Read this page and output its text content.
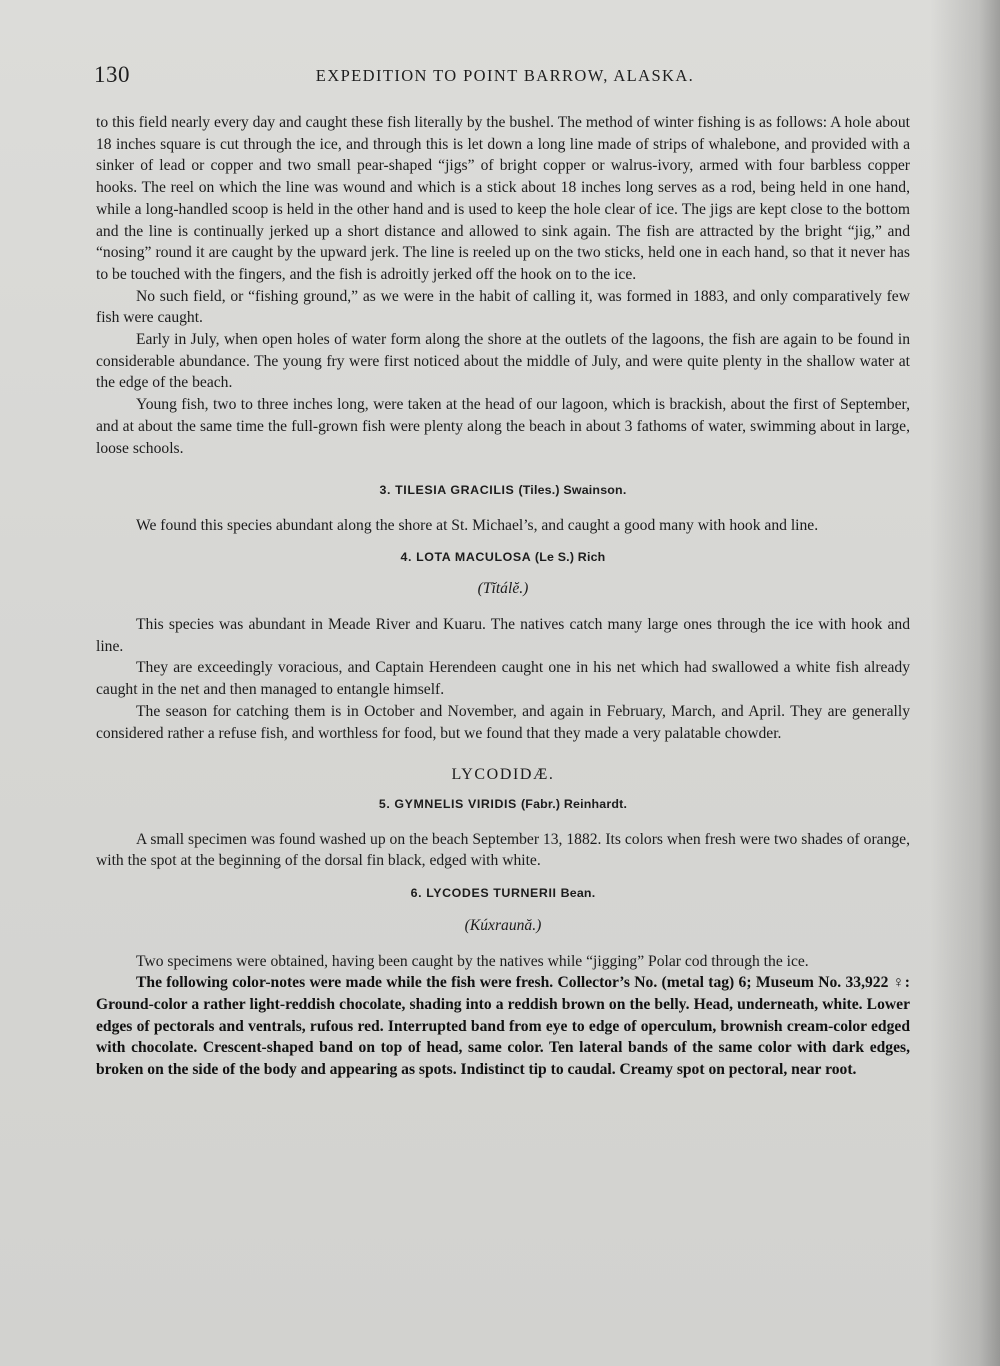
130	EXPEDITION TO POINT BARROW, ALASKA.

to this field nearly every day and caught these fish literally by the bushel. The method of winter fishing is as follows: A hole about 18 inches square is cut through the ice, and through this is let down a long line made of strips of whalebone, and provided with a sinker of lead or copper and two small pear-shaped “jigs” of bright copper or walrus-ivory, armed with four barbless copper hooks. The reel on which the line was wound and which is a stick about 18 inches long serves as a rod, being held in one hand, while a long-handled scoop is held in the other hand and is used to keep the hole clear of ice. The jigs are kept close to the bottom and the line is continually jerked up a short distance and allowed to sink again. The fish are attracted by the bright “jig,” and “nosing” round it are caught by the upward jerk. The line is reeled up on the two sticks, held one in each hand, so that it never has to be touched with the fingers, and the fish is adroitly jerked off the hook on to the ice.

No such field, or “fishing ground,” as we were in the habit of calling it, was formed in 1883, and only comparatively few fish were caught.

Early in July, when open holes of water form along the shore at the outlets of the lagoons, the fish are again to be found in considerable abundance. The young fry were first noticed about the middle of July, and were quite plenty in the shallow water at the edge of the beach.

Young fish, two to three inches long, were taken at the head of our lagoon, which is brackish, about the first of September, and at about the same time the full-grown fish were plenty along the beach in about 3 fathoms of water, swimming about in large, loose schools.

3. TILESIA GRACILIS (Tiles.) Swainson.

We found this species abundant along the shore at St. Michael’s, and caught a good many with hook and line.

4. LOTA MACULOSA (Le S.) Rich

(Tĭtálĕ.)

This species was abundant in Meade River and Kuaru. The natives catch many large ones through the ice with hook and line.

They are exceedingly voracious, and Captain Herendeen caught one in his net which had swallowed a white fish already caught in the net and then managed to entangle himself.

The season for catching them is in October and November, and again in February, March, and April. They are generally considered rather a refuse fish, and worthless for food, but we found that they made a very palatable chowder.

LYCODIDÆ.

5. GYMNELIS VIRIDIS (Fabr.) Reinhardt.

A small specimen was found washed up on the beach September 13, 1882. Its colors when fresh were two shades of orange, with the spot at the beginning of the dorsal fin black, edged with white.

6. LYCODES TURNERII Bean.

(Kúxraună.)

Two specimens were obtained, having been caught by the natives while “jigging” Polar cod through the ice.

The following color-notes were made while the fish were fresh. Collector’s No. (metal tag) 6; Museum No. 33,922 ♀: Ground-color a rather light-reddish chocolate, shading into a reddish brown on the belly. Head, underneath, white. Lower edges of pectorals and ventrals, rufous red. Interrupted band from eye to edge of operculum, brownish cream-color edged with chocolate. Crescent-shaped band on top of head, same color. Ten lateral bands of the same color with dark edges, broken on the side of the body and appearing as spots. Indistinct tip to caudal. Creamy spot on pectoral, near root.
